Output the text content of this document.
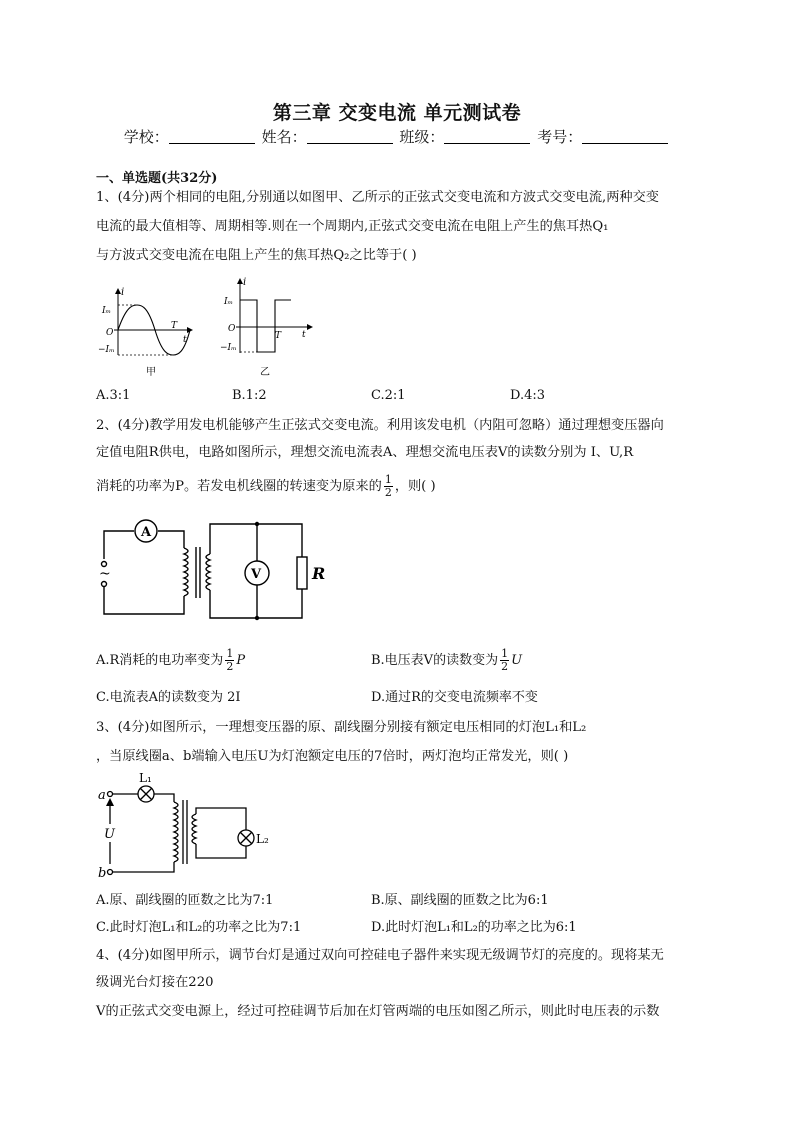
第三章 交变电流 单元测试卷
学校：	姓名：	班级：	考号：
一、单选题(共32分)
1、(4分)两个相同的电阻,分别通以如图甲、乙所示的正弦式交变电流和方波式交变电流,两种交变
电流的最大值相等、周期相等.则在一个周期内,正弦式交变电流在电阻上产生的焦耳热Q₁
与方波式交变电流在电阻上产生的焦耳热Q₂之比等于( )
i
Iₘ
O
−Iₘ
T
t
甲
i
Iₘ
O
−Iₘ
T t
乙
A.3:1	B.1:2	C.2:1	D.4:3
2、(4分)教学用发电机能够产生正弦式交变电流。利用该发电机（内阻可忽略）通过理想变压器向
定值电阻R供电，电路如图所示，理想交流电流表A、理想交流电压表V的读数分别为 I、U,R
消耗的功率为P。若发电机线圈的转速变为原来的 $\frac{1}{2}$ ，则( )
A
V	R
~
A.R消耗的电功率变为 $\frac{1}{2}$ P	B.电压表V的读数变为 $\frac{1}{2}$ U
C.电流表A的读数变为 2I	D.通过R的交变电流频率不变
3、(4分)如图所示，一理想变压器的原、副线圈分别接有额定电压相同的灯泡L₁和L₂
，当原线圈a、b端输入电压U为灯泡额定电压的7倍时，两灯泡均正常发光，则( )
a
b
U
L₁
L₂
A.原、副线圈的匝数之比为7:1	B.原、副线圈的匝数之比为6:1
C.此时灯泡L₁和L₂的功率之比为7:1	D.此时灯泡L₁和L₂的功率之比为6:1
4、(4分)如图甲所示，调节台灯是通过双向可控硅电子器件来实现无级调节灯的亮度的。现将某无
级调光台灯接在220
V的正弦式交变电源上，经过可控硅调节后加在灯管两端的电压如图乙所示，则此时电压表的示数
